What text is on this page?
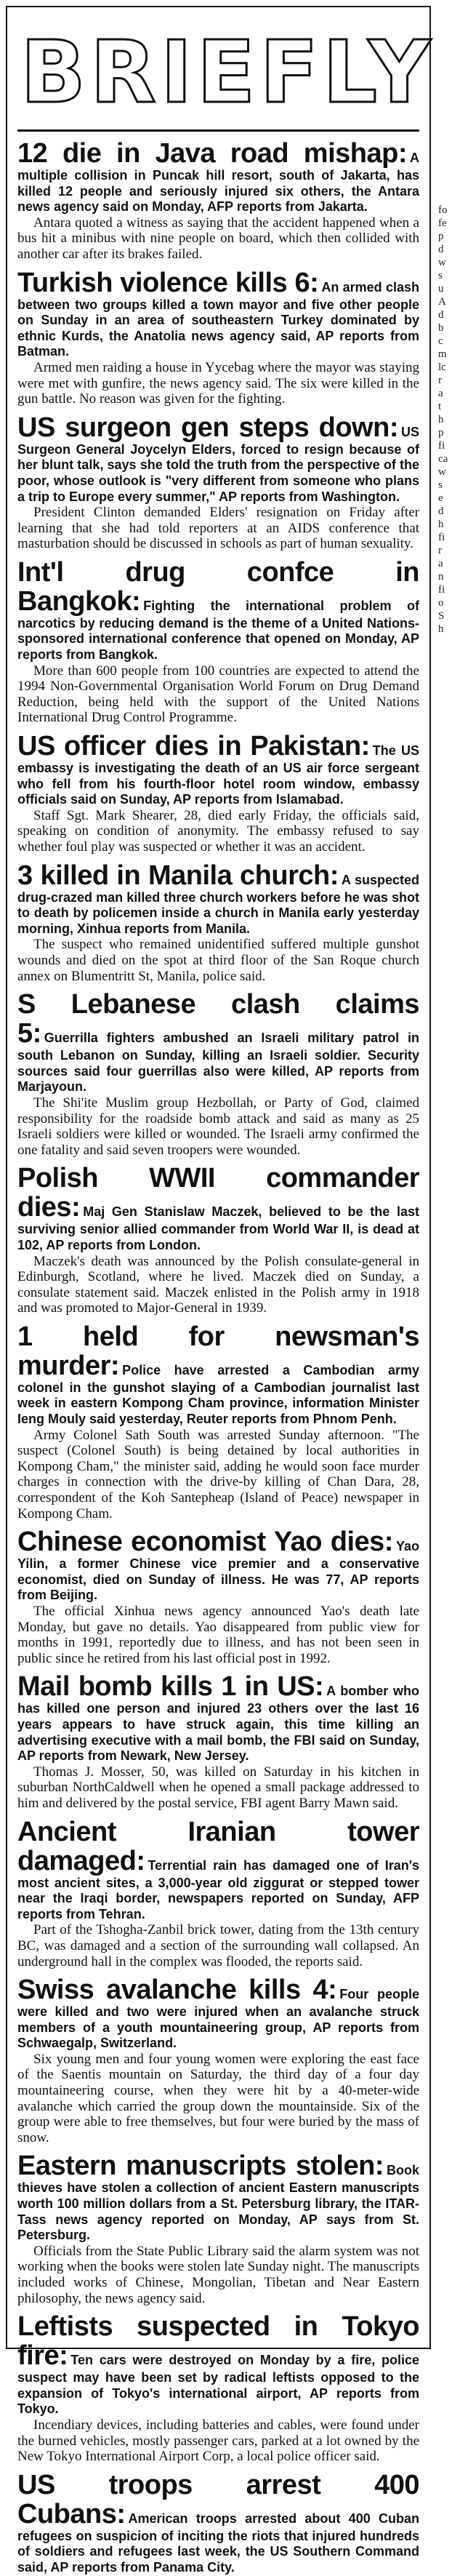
BRIEFLY

12 die in Java road mishap: A multiple collision in Puncak hill resort, south of Jakarta, has killed 12 people and seriously injured six others, the Antara news agency said on Monday, AFP reports from Jakarta.

Antara quoted a witness as saying that the accident happened when a bus hit a minibus with nine people on board, which then collided with another car after its brakes failed.

Turkish violence kills 6: An armed clash between two groups killed a town mayor and five other people on Sunday in an area of southeastern Turkey dominated by ethnic Kurds, the Anatolia news agency said, AP reports from Batman.

Armed men raiding a house in Yycebag where the mayor was staying were met with gunfire, the news agency said. The six were killed in the gun battle. No reason was given for the fighting.

US surgeon gen steps down: US Surgeon General Joycelyn Elders, forced to resign because of her blunt talk, says she told the truth from the perspective of the poor, whose outlook is "very different from someone who plans a trip to Europe every summer," AP reports from Washington.

President Clinton demanded Elders' resignation on Friday after learning that she had told reporters at an AIDS conference that masturbation should be discussed in schools as part of human sexuality.

Int'l drug confce in Bangkok: Fighting the international problem of narcotics by reducing demand is the theme of a United Nations-sponsored international conference that opened on Monday, AP reports from Bangkok.

More than 600 people from 100 countries are expected to attend the 1994 Non-Governmental Organisation World Forum on Drug Demand Reduction, being held with the support of the United Nations International Drug Control Programme.

US officer dies in Pakistan: The US embassy is investigating the death of an US air force sergeant who fell from his fourth-floor hotel room window, embassy officials said on Sunday, AP reports from Islamabad.

Staff Sgt. Mark Shearer, 28, died early Friday, the officials said, speaking on condition of anonymity. The embassy refused to say whether foul play was suspected or whether it was an accident.

3 killed in Manila church: A suspected drug-crazed man killed three church workers before he was shot to death by policemen inside a church in Manila early yesterday morning, Xinhua reports from Manila.

The suspect who remained unidentified suffered multiple gunshot wounds and died on the spot at third floor of the San Roque church annex on Blumentritt St, Manila, police said.

S Lebanese clash claims 5: Guerrilla fighters ambushed an Israeli military patrol in south Lebanon on Sunday, killing an Israeli soldier. Security sources said four guerrillas also were killed, AP reports from Marjayoun.

The Shi'ite Muslim group Hezbollah, or Party of God, claimed responsibility for the roadside bomb attack and said as many as 25 Israeli soldiers were killed or wounded. The Israeli army confirmed the one fatality and said seven troopers were wounded.

Polish WWII commander dies: Maj Gen Stanislaw Maczek, believed to be the last surviving senior allied commander from World War II, is dead at 102, AP reports from London.

Maczek's death was announced by the Polish consulate-general in Edinburgh, Scotland, where he lived. Maczek died on Sunday, a consulate statement said. Maczek enlisted in the Polish army in 1918 and was promoted to Major-General in 1939.

1 held for newsman's murder: Police have arrested a Cambodian army colonel in the gunshot slaying of a Cambodian journalist last week in eastern Kompong Cham province, information Minister Ieng Mouly said yesterday, Reuter reports from Phnom Penh.

Army Colonel Sath South was arrested Sunday afternoon. "The suspect (Colonel South) is being detained by local authorities in Kompong Cham," the minister said, adding he would soon face murder charges in connection with the drive-by killing of Chan Dara, 28, correspondent of the Koh Santepheap (Island of Peace) newspaper in Kompong Cham.

Chinese economist Yao dies: Yao Yilin, a former Chinese vice premier and a conservative economist, died on Sunday of illness. He was 77, AP reports from Beijing.

The official Xinhua news agency announced Yao's death late Monday, but gave no details. Yao disappeared from public view for months in 1991, reportedly due to illness, and has not been seen in public since he retired from his last official post in 1992.

Mail bomb kills 1 in US: A bomber who has killed one person and injured 23 others over the last 16 years appears to have struck again, this time killing an advertising executive with a mail bomb, the FBI said on Sunday, AP reports from Newark, New Jersey.

Thomas J. Mosser, 50, was killed on Saturday in his kitchen in suburban NorthCaldwell when he opened a small package addressed to him and delivered by the postal service, FBI agent Barry Mawn said.

Ancient Iranian tower damaged: Terrential rain has damaged one of Iran's most ancient sites, a 3,000-year old ziggurat or stepped tower near the Iraqi border, newspapers reported on Sunday, AFP reports from Tehran.

Part of the Tshogha-Zanbil brick tower, dating from the 13th century BC, was damaged and a section of the surrounding wall collapsed. An underground hall in the complex was flooded, the reports said.

Swiss avalanche kills 4: Four people were killed and two were injured when an avalanche struck members of a youth mountaineering group, AP reports from Schwaegalp, Switzerland.

Six young men and four young women were exploring the east face of the Saentis mountain on Saturday, the third day of a four day mountaineering course, when they were hit by a 40-meter-wide avalanche which carried the group down the mountainside. Six of the group were able to free themselves, but four were buried by the mass of snow.

Eastern manuscripts stolen: Book thieves have stolen a collection of ancient Eastern manuscripts worth 100 million dollars from a St. Petersburg library, the ITAR-Tass news agency reported on Monday, AP says from St. Petersburg.

Officials from the State Public Library said the alarm system was not working when the books were stolen late Sunday night. The manuscripts included works of Chinese, Mongolian, Tibetan and Near Eastern philosophy, the news agency said.

Leftists suspected in Tokyo fire: Ten cars were destroyed on Monday by a fire, police suspect may have been set by radical leftists opposed to the expansion of Tokyo's international airport, AP reports from Tokyo.

Incendiary devices, including batteries and cables, were found under the burned vehicles, mostly passenger cars, parked at a lot owned by the New Tokyo International Airport Corp, a local police officer said.

US troops arrest 400 Cubans: American troops arrested about 400 Cuban refugees on suspicion of inciting the riots that injured hundreds of soldiers and refugees last week, the US Southern Command said, AP reports from Panama City.

fo
fe
p
d
w
s
u
A
d
b
c
m
lc
r
a
t
h
p
fi
ca
w
s
e
d
h
fi
r
a
n
fi
o
S
h
